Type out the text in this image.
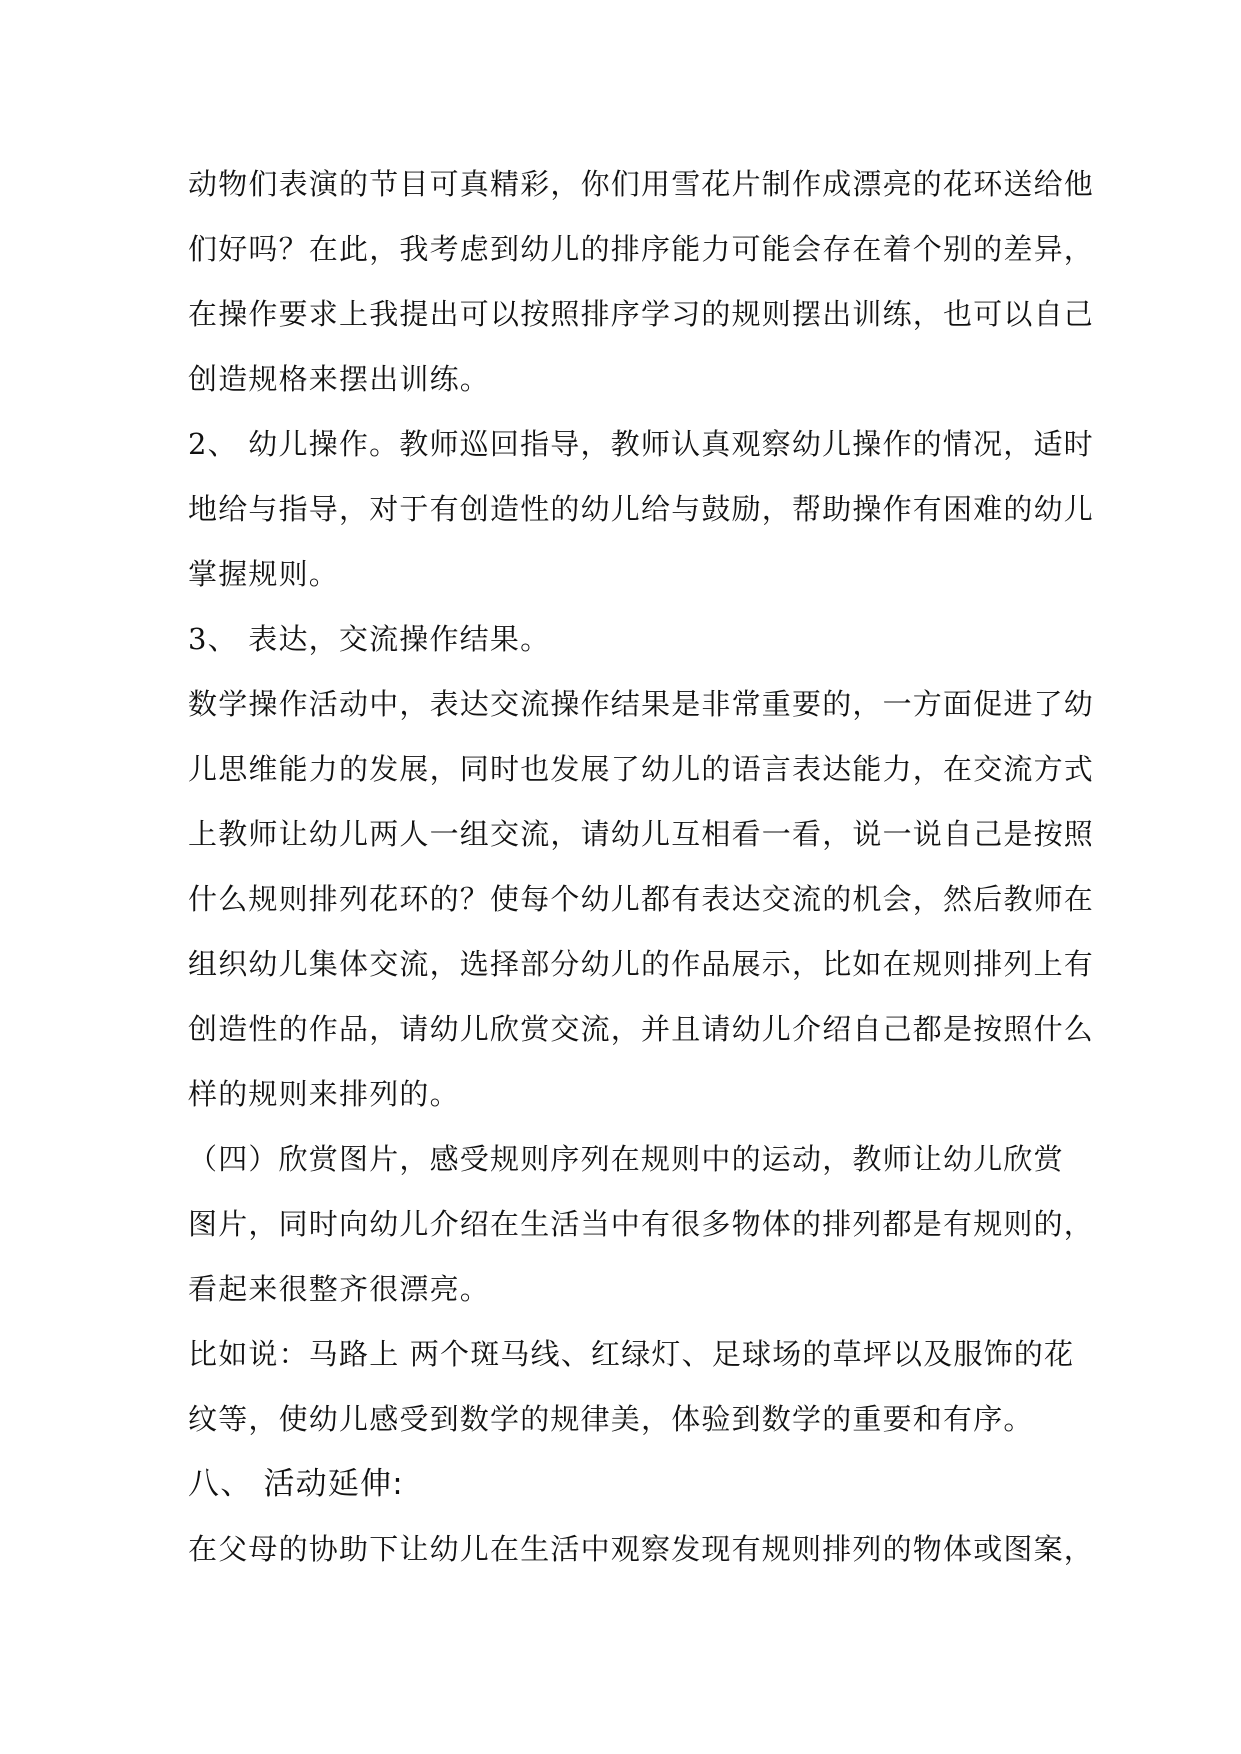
动物们表演的节目可真精彩，你们用雪花片制作成漂亮的花环送给他
们好吗？在此，我考虑到幼儿的排序能力可能会存在着个别的差异，
在操作要求上我提出可以按照排序学习的规则摆出训练，也可以自己
创造规格来摆出训练。
2、 幼儿操作。教师巡回指导，教师认真观察幼儿操作的情况，适时
地给与指导，对于有创造性的幼儿给与鼓励，帮助操作有困难的幼儿
掌握规则。
3、 表达，交流操作结果。
数学操作活动中，表达交流操作结果是非常重要的，一方面促进了幼
儿思维能力的发展，同时也发展了幼儿的语言表达能力，在交流方式
上教师让幼儿两人一组交流，请幼儿互相看一看，说一说自己是按照
什么规则排列花环的？使每个幼儿都有表达交流的机会，然后教师在
组织幼儿集体交流，选择部分幼儿的作品展示，比如在规则排列上有
创造性的作品，请幼儿欣赏交流，并且请幼儿介绍自己都是按照什么
样的规则来排列的。
（四）欣赏图片，感受规则序列在规则中的运动，教师让幼儿欣赏
图片，同时向幼儿介绍在生活当中有很多物体的排列都是有规则的，
看起来很整齐很漂亮。
比如说：马路上 两个斑马线、红绿灯、足球场的草坪以及服饰的花
纹等，使幼儿感受到数学的规律美，体验到数学的重要和有序。
八、 活动延伸:
在父母的协助下让幼儿在生活中观察发现有规则排列的物体或图案，
